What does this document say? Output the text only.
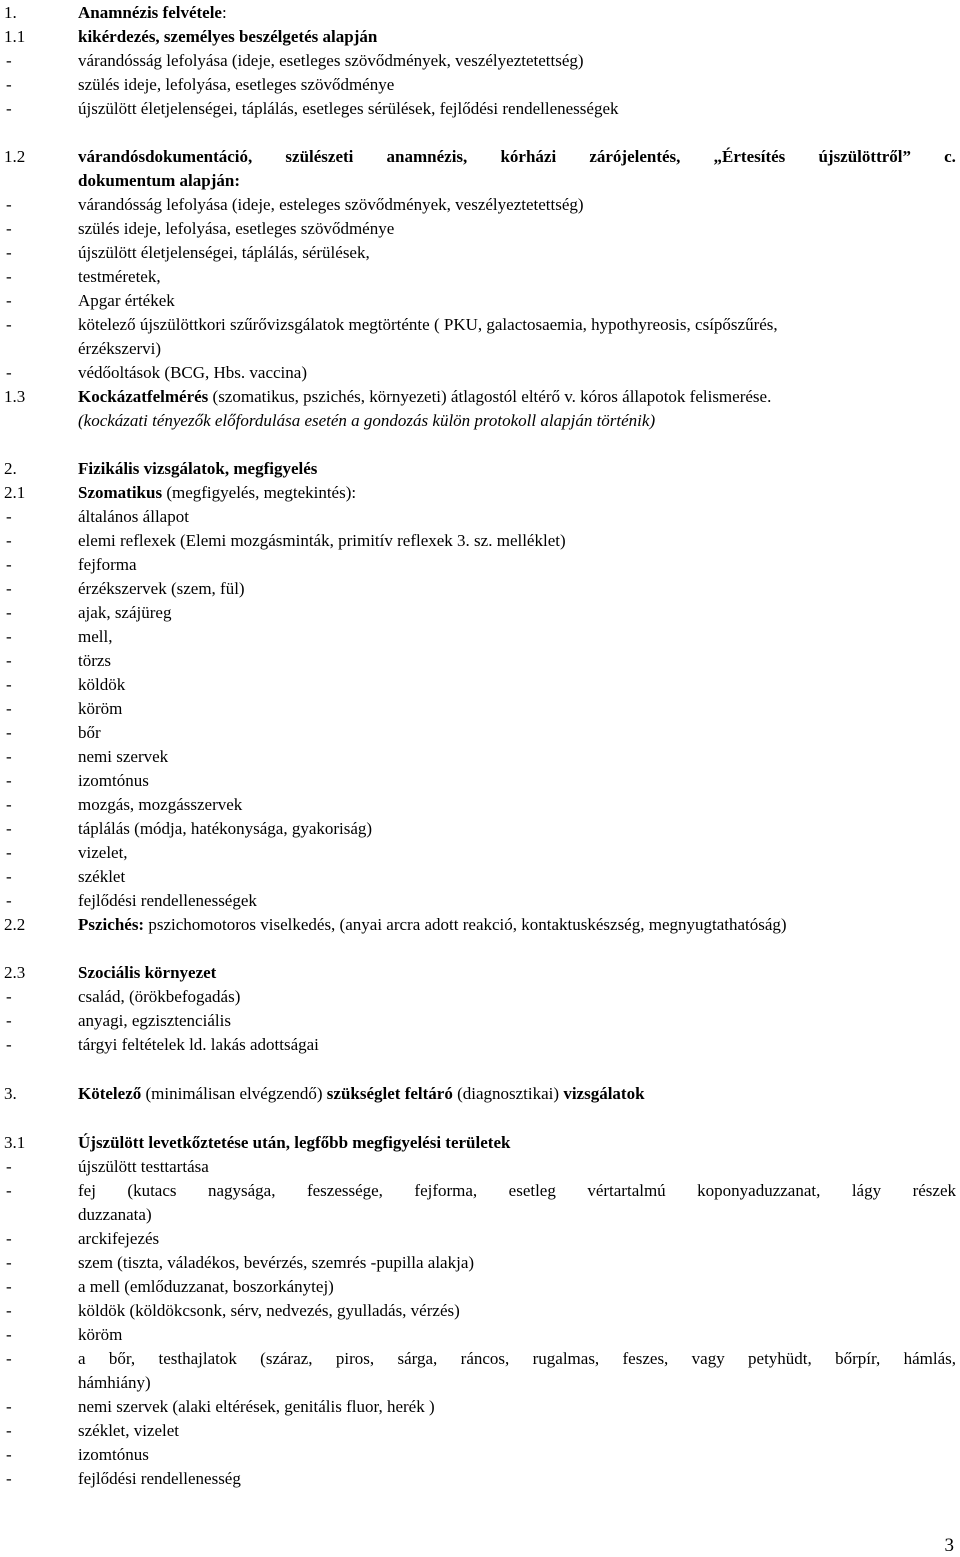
1.	Anamnézis felvétele:
1.1	kikérdezés, személyes beszélgetés alapján
-	várandósság lefolyása (ideje, esetleges szövődmények, veszélyeztetettség)
-	szülés ideje, lefolyása, esetleges szövődménye
-	újszülött életjelenségei, táplálás, esetleges sérülések, fejlődési rendellenességek
1.2	várandósdokumentáció, szülészeti anamnézis, kórházi zárójelentés, „Értesítés újszülöttről” c.
dokumentum alapján:
-	várandósság lefolyása (ideje, esteleges szövődmények, veszélyeztetettség)
-	szülés ideje, lefolyása, esetleges szövődménye
-	újszülött életjelenségei, táplálás, sérülések,
-	testméretek,
-	Apgar értékek
-	kötelező újszülöttkori szűrővizsgálatok megtörténte ( PKU, galactosaemia, hypothyreosis, csípőszűrés,
érzékszervi)
-	védőoltások (BCG, Hbs. vaccina)
1.3	Kockázatfelmérés (szomatikus, pszichés, környezeti) átlagostól eltérő v. kóros állapotok felismerése.
(kockázati tényezők előfordulása esetén a gondozás külön protokoll alapján történik)
2.	Fizikális vizsgálatok, megfigyelés
2.1	Szomatikus (megfigyelés, megtekintés):
-	általános állapot
-	elemi reflexek (Elemi mozgásminták, primitív reflexek 3. sz. melléklet)
-	fejforma
-	érzékszervek (szem, fül)
-	ajak, szájüreg
-	mell,
-	törzs
-	köldök
-	köröm
-	bőr
-	nemi szervek
-	izomtónus
-	mozgás, mozgásszervek
-	táplálás (módja, hatékonysága, gyakoriság)
-	vizelet,
-	széklet
-	fejlődési rendellenességek
2.2	Pszichés: pszichomotoros viselkedés, (anyai arcra adott reakció, kontaktuskészség, megnyugtathatóság)
2.3	Szociális környezet
-	család, (örökbefogadás)
-	anyagi, egzisztenciális
-	tárgyi feltételek ld. lakás adottságai
3.	Kötelező (minimálisan elvégzendő) szükséglet feltáró (diagnosztikai) vizsgálatok
3.1	Újszülött levetkőztetése után, legfőbb megfigyelési területek
-	újszülött testtartása
-	fej (kutacs nagysága, feszessége, fejforma, esetleg vértartalmú koponyaduzzanat, lágy részek
duzzanata)
-	arckifejezés
-	szem (tiszta, váladékos, bevérzés, szemrés -pupilla alakja)
-	a mell (emlőduzzanat, boszorkánytej)
-	köldök (köldökcsonk, sérv, nedvezés, gyulladás, vérzés)
-	köröm
-	a bőr, testhajlatok (száraz, piros, sárga, ráncos, rugalmas, feszes, vagy petyhüdt, bőrpír, hámlás,
hámhiány)
-	nemi szervek (alaki eltérések, genitális fluor, herék )
-	széklet, vizelet
-	izomtónus
-	fejlődési rendellenesség
3
